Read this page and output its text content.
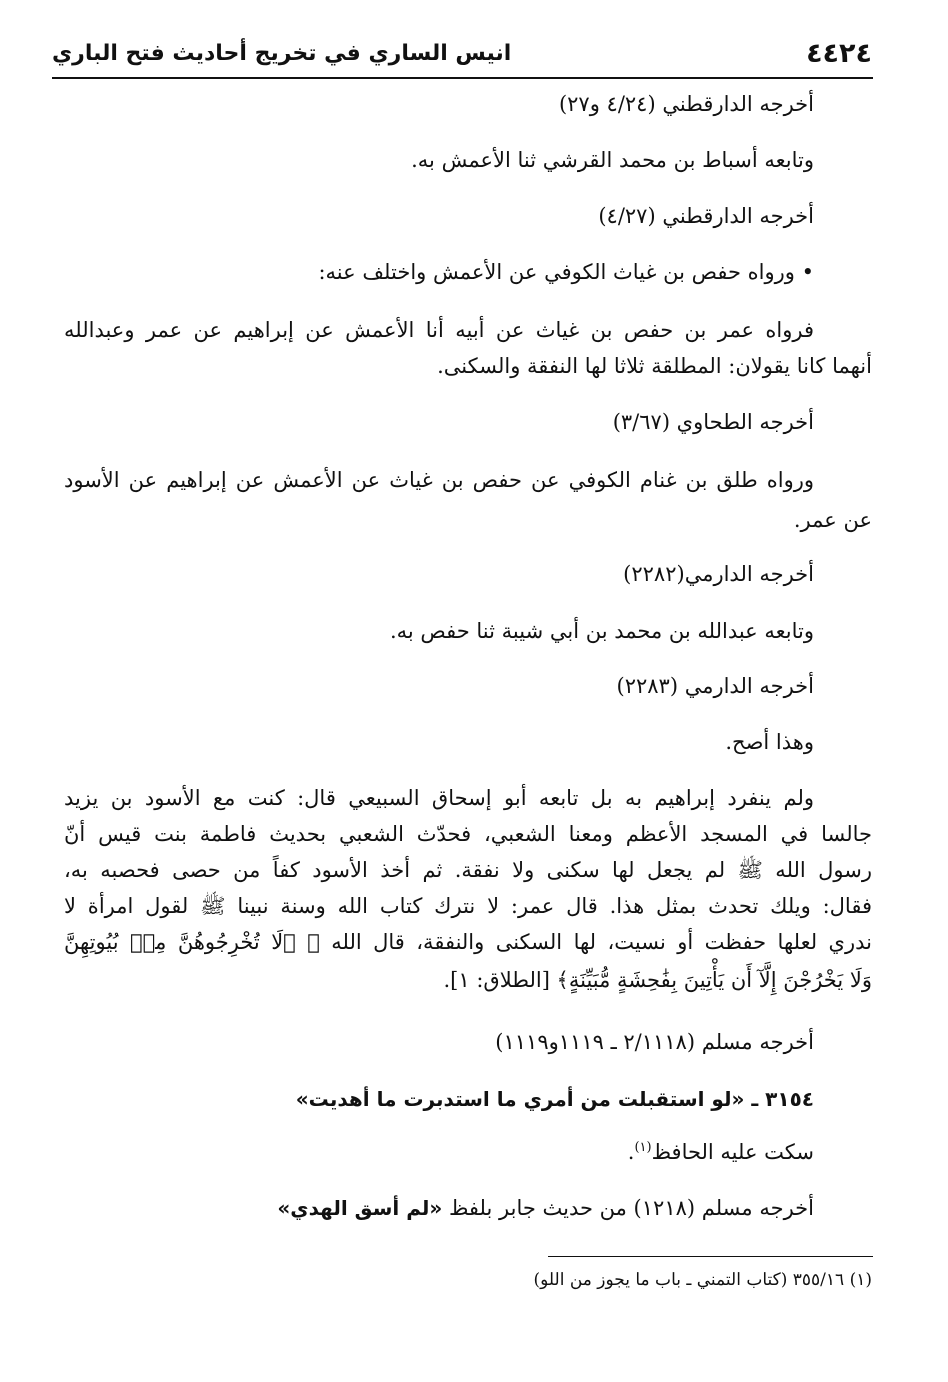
٤٤٢٤
انيس الساري في تخريج أحاديث فتح الباري
أخرجه الدارقطني (٤/٢٤ و٢٧)
وتابعه أسباط بن محمد القرشي ثنا الأعمش به.
أخرجه الدارقطني (٤/٢٧)
• ورواه حفص بن غياث الكوفي عن الأعمش واختلف عنه:
فرواه عمر بن حفص بن غياث عن أبيه أنا الأعمش عن إبراهيم عن عمر وعبدالله
أنهما كانا يقولان: المطلقة ثلاثا لها النفقة والسكنى.
أخرجه الطحاوي (٣/٦٧)
ورواه طلق بن غنام الكوفي عن حفص بن غياث عن الأعمش عن إبراهيم عن الأسود
عن عمر.
أخرجه الدارمي(٢٢٨٢)
وتابعه عبدالله بن محمد بن أبي شيبة ثنا حفص به.
أخرجه الدارمي (٢٢٨٣)
وهذا أصح.
ولم ينفرد إبراهيم به بل تابعه أبو إسحاق السبيعي قال: كنت مع الأسود بن يزيد
جالسا في المسجد الأعظم ومعنا الشعبي، فحدّث الشعبي بحديث فاطمة بنت قيس أنّ
رسول الله ﷺ لم يجعل لها سكنى ولا نفقة. ثم أخذ الأسود كفاً من حصى فحصبه به،
فقال: ويلك تحدث بمثل هذا. قال عمر: لا نترك كتاب الله وسنة نبينا ﷺ لقول امرأة لا
ندري لعلها حفظت أو نسيت، لها السكنى والنفقة، قال الله ﷻ ﴿لَا تُخْرِجُوهُنَّ مِنۢ بُيُوتِهِنَّ
وَلَا يَخْرُجْنَ إِلَّآ أَن يَأْتِينَ بِفَٰحِشَةٍ مُّبَيِّنَةٍ﴾ [الطلاق: ١].
أخرجه مسلم (٢/١١١٨ ـ ١١١٩و١١١٩)
٣١٥٤ ـ «لو استقبلت من أمري ما استدبرت ما أهديت»
سكت عليه الحافظ$^{(١)}$.
أخرجه مسلم (١٢١٨) من حديث جابر بلفظ «لم أسق الهدي»
(١) ٣٥٥/١٦ (كتاب التمني ـ باب ما يجوز من اللو)
